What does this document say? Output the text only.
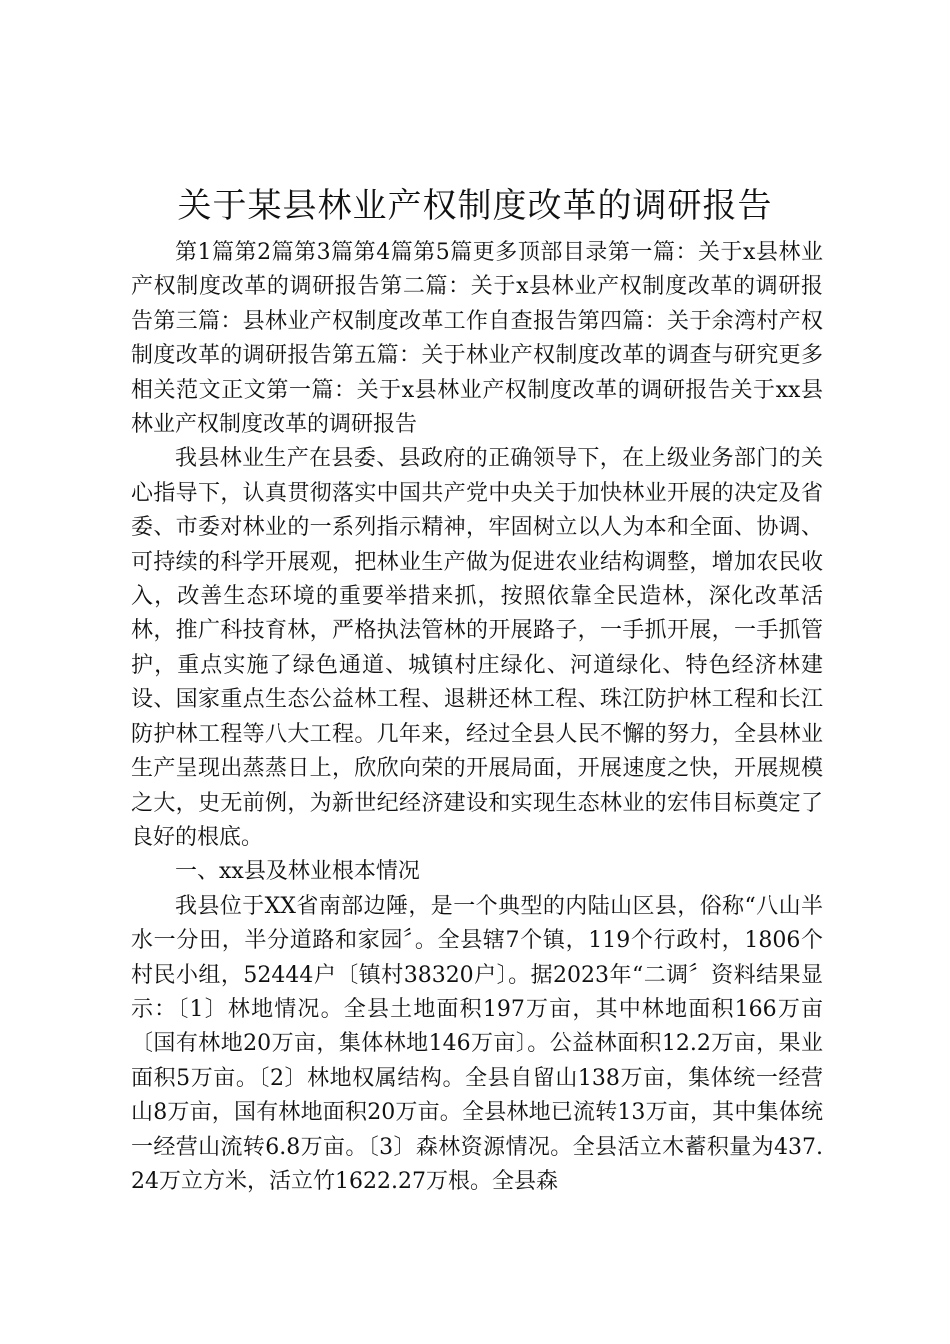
关于某县林业产权制度改革的调研报告

第1篇第2篇第3篇第4篇第5篇更多顶部目录第一篇：关于x县林业产权制度改革的调研报告第二篇：关于x县林业产权制度改革的调研报告第三篇：县林业产权制度改革工作自查报告第四篇：关于余湾村产权制度改革的调研报告第五篇：关于林业产权制度改革的调查与研究更多相关范文正文第一篇：关于x县林业产权制度改革的调研报告关于xx县林业产权制度改革的调研报告

我县林业生产在县委、县政府的正确领导下，在上级业务部门的关心指导下，认真贯彻落实中国共产党中央关于加快林业开展的决定及省委、市委对林业的一系列指示精神，牢固树立以人为本和全面、协调、可持续的科学开展观，把林业生产做为促进农业结构调整，增加农民收入，改善生态环境的重要举措来抓，按照依靠全民造林，深化改革活林，推广科技育林，严格执法管林的开展路子，一手抓开展，一手抓管护，重点实施了绿色通道、城镇村庄绿化、河道绿化、特色经济林建设、国家重点生态公益林工程、退耕还林工程、珠江防护林工程和长江防护林工程等八大工程。几年来，经过全县人民不懈的努力，全县林业生产呈现出蒸蒸日上，欣欣向荣的开展局面，开展速度之快，开展规模之大，史无前例，为新世纪经济建设和实现生态林业的宏伟目标奠定了良好的根底。

一、xx县及林业根本情况

我县位于XX省南部边陲，是一个典型的内陆山区县，俗称“八山半水一分田，半分道路和家园〞。全县辖7个镇，119个行政村，1806个村民小组，52444户〔镇村38320户〕。据2023年“二调〞资料结果显示：〔1〕林地情况。全县土地面积197万亩，其中林地面积166万亩〔国有林地20万亩，集体林地146万亩〕。公益林面积12.2万亩，果业面积5万亩。〔2〕林地权属结构。全县自留山138万亩，集体统一经营山8万亩，国有林地面积20万亩。全县林地已流转13万亩，其中集体统一经营山流转6.8万亩。〔3〕森林资源情况。全县活立木蓄积量为437.24万立方米，活立竹1622.27万根。全县森
